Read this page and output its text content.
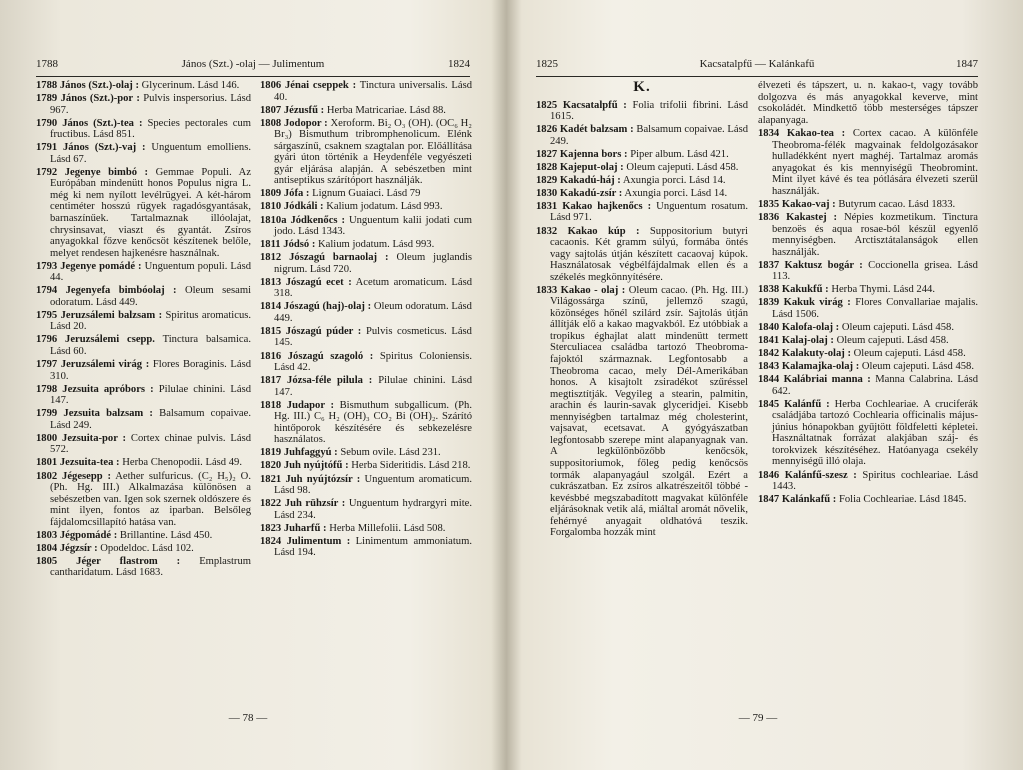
1788	János (Szt.) -olaj — Julimentum	1824

1788 János (Szt.)-olaj : Glycerinum. Lásd 146.

1789 János (Szt.)-por : Pulvis inspersorius. Lásd 967.

1790 János (Szt.)-tea : Species pectorales cum fructibus. Lásd 851.

1791 János (Szt.)-vaj : Unguentum emolliens. Lásd 67.

1792 Jegenye bimbó : Gemmae Populi. Az Európában mindenütt honos Populus nigra L. még ki nem nyílott levélrügyei. A két-három centiméter hosszú rügyek ragadósgyantásak, barnaszínűek. Tartalmaznak illóolajat, chrysinsavat, viaszt és gyantát. Zsíros anyagokkal főzve kenőcsöt készítenek belőle, melyet rendesen hajkenésre használnak.

1793 Jegenye pomádé : Unguentum populi. Lásd 44.

1794 Jegenyefa bimbóolaj : Oleum sesami odoratum. Lásd 449.

1795 Jeruzsálemi balzsam : Spiritus aromaticus. Lásd 20.

1796 Jeruzsálemi csepp. Tinctura balsamica. Lásd 60.

1797 Jeruzsálemi virág : Flores Boraginis. Lásd 310.

1798 Jezsuita apróbors : Pilulae chinini. Lásd 147.

1799 Jezsuita balzsam : Balsamum copaivae. Lásd 249.

1800 Jezsuita-por : Cortex chinae pulvis. Lásd 572.

1801 Jezsuita-tea : Herba Chenopodii. Lásd 49.

1802 Jégesepp : Aether sulfuricus. (C₂ H₅)₂ O. (Ph. Hg. III.) Alkalmazása különösen a sebészetben van. Igen sok szernek oldószere és mint ilyen, fontos az iparban. Belsőleg fájdalomcsillapító hatása van.

1803 Jégpomádé : Brillantine. Lásd 450.

1804 Jégzsír : Opodeldoc. Lásd 102.

1805 Jéger flastrom : Emplastrum cantharidatum. Lásd 1683.

1806 Jénai cseppek : Tinctura universalis. Lásd 40.

1807 Jézusfű : Herba Matricariae. Lásd 88.

1808 Jodopor : Xeroform. Bi₂ O₃ (OH). (OC₆ H₂ Br₃) Bismuthum tribromphenolicum. Elénk sárgaszínű, csaknem szagtalan por. Előállítása gyári úton történik a Heydenféle vegyészeti gyár eljárása alapján. A sebészetben mint antiseptikus szárítóport használják.

1809 Jófa : Lignum Guaiaci. Lásd 79

1810 Jódkáli : Kalium jodatum. Lásd 993.

1810a Jódkenőcs : Unguentum kalii jodati cum jodo. Lásd 1343.

1811 Jódsó : Kalium jodatum. Lásd 993.

1812 Jószagú barnaolaj : Oleum juglandis nigrum. Lásd 720.

1813 Jószagú ecet : Acetum aromaticum. Lásd 318.

1814 Jószagú (haj)-olaj : Oleum odoratum. Lásd 449.

1815 Jószagú púder : Pulvis cosmeticus. Lásd 145.

1816 Jószagú szagoló : Spiritus Coloniensis. Lásd 42.

1817 Józsa-féle pilula : Pilulae chinini. Lásd 147.

1818 Judapor : Bismuthum subgallicum. (Ph. Hg. III.) C₆ H₂ (OH)₃ CO₂ Bi (OH)₂. Szárító hintőporok készítésére és sebkezelésre használatos.

1819 Juhfaggyú : Sebum ovile. Lásd 231.

1820 Juh nyújtófű : Herba Sideritidis. Lásd 218.

1821 Juh nyújtózsír : Unguentum aromaticum. Lásd 98.

1822 Juh rühzsír : Unguentum hydrargyri mite. Lásd 234.

1823 Juharfű : Herba Millefolii. Lásd 508.

1824 Julimentum : Linimentum ammoniatum. Lásd 194.

— 78 —
1825	Kacsatalpfű — Kalánkafű	1847
K.

1825 Kacsatalpfű : Folia trifolii fibrini. Lásd 1615.

1826 Kadét balzsam : Balsamum copaivae. Lásd 249.

1827 Kajenna bors : Piper album. Lásd 421.

1828 Kajeput-olaj : Oleum cajeputi. Lásd 458.

1829 Kakadú-háj : Axungia porci. Lásd 14.

1830 Kakadú-zsír : Axungia porci. Lásd 14.

1831 Kakao hajkenőcs : Unguentum rosatum. Lásd 971.

1832 Kakao kúp : Suppositorium butyri cacaonis. Két gramm súlyú, formába öntés vagy sajtolás útján készített cacaovaj kúpok. Használatosak végbélfájdalmak ellen és a székelés megkönnyítésére.

1833 Kakao - olaj : Oleum cacao. (Ph. Hg. III.) Világossárga színű, jellemző szagú, közönséges hőnél szilárd zsír. Sajtolás útján állítják elő a kakao magvakból. Ez utóbbiak a tropikus éghajlat alatt mindenütt termett Sterculiacea családba tartozó Theobroma-fajoktól származnak. Legfontosabb a Theobroma cacao, mely Dél-Amerikában honos. A kisajtolt zsiradékot szűréssel megtisztítják. Vegyileg a stearin, palmitin, arachin és laurin-savak glyceridjei. Kisebb mennyiségben tartalmaz még cholesterint, vajsavat, ecetsavat. A gyógyászatban legfontosabb szerepe mint alapanyagnak van. A legkülönbözőbb kenőcsök, suppositoriumok, főleg pedig kenőcsös tormák alapanyagául szolgál. Ezért a cukrászatban. Ez zsíros alkatrészeitől többé - kevésbbé megszabadított magvakat különféle eljárásoknak vetik alá, miáltal aromát nővelik, fehérnyé anyagait oldhatóvá teszik. Forgalomba hozzák mint

élvezeti és tápszert, u. n. kakao-t, vagy tovább dolgozva és más anyagokkal keverve, mint csokoládét. Mindkettő több mesterséges tápszer alapanyaga.

1834 Kakao-tea : Cortex cacao. A különféle Theobroma-félék magvainak feldolgozásakor hulladékként nyert maghéj. Tartalmaz aromás anyagokat és kis mennyiségű Theobromint. Mint ilyet kávé és tea pótlására élvezeti szerül használják.

1835 Kakao-vaj : Butyrum cacao. Lásd 1833.

1836 Kakastej : Népies kozmetikum. Tinctura benzoës és aqua rosae-ból készül egyenlő mennyiségben. Arctisztátalanságok ellen használják.

1837 Kaktusz bogár : Coccionella grisea. Lásd 113.

1838 Kakukfű : Herba Thymi. Lásd 244.

1839 Kakuk virág : Flores Convallariae majalis. Lásd 1506.

1840 Kalofa-olaj : Oleum cajeputi. Lásd 458.

1841 Kalaj-olaj : Oleum cajeputi. Lásd 458.

1842 Kalakuty-olaj : Oleum cajeputi. Lásd 458.

1843 Kalamajka-olaj : Oleum cajeputi. Lásd 458.

1844 Kalábriai manna : Manna Calabrina. Lásd 642.

1845 Kalánfű : Herba Cochleariae. A cruciferák családjába tartozó Cochlearia officinalis május-június hónapokban gyűjtött földfeletti képletei. Használtatnak forrázat alakjában száj- és torokvizek készítéséhez. Hatóanyaga csekély mennyiségű illó olaja.

1846 Kalánfű-szesz : Spiritus cochleariae. Lásd 1443.

1847 Kalánkafű : Folia Cochleariae. Lásd 1845.

— 79 —
